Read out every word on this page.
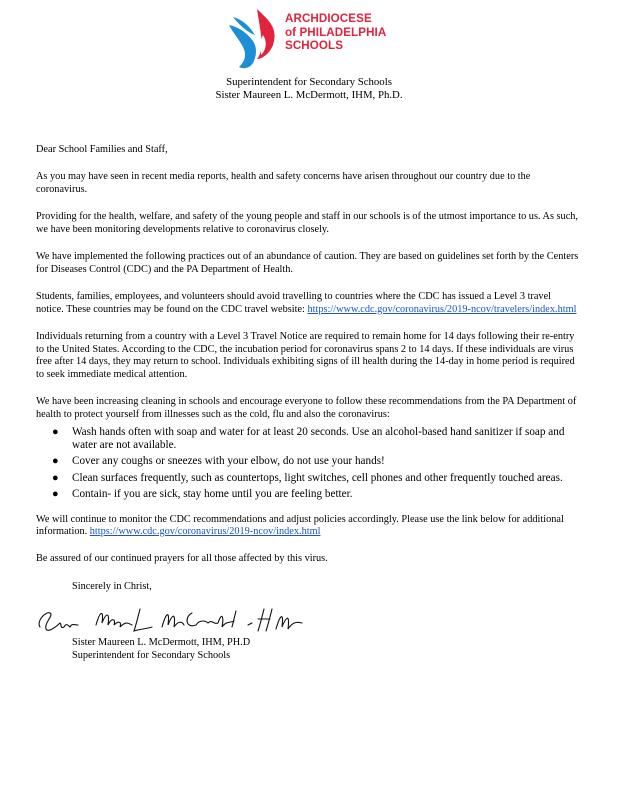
ARCHDIOCESE
of PHILADELPHIA
SCHOOLS
Superintendent for Secondary Schools
Sister Maureen L. McDermott, IHM, Ph.D.

Dear School Families and Staff,

As you may have seen in recent media reports, health and safety concerns have arisen throughout our country due to the coronavirus.

Providing for the health, welfare, and safety of the young people and staff in our schools is of the utmost importance to us. As such, we have been monitoring developments relative to coronavirus closely.

We have implemented the following practices out of an abundance of caution. They are based on guidelines set forth by the Centers for Diseases Control (CDC) and the PA Department of Health.

Students, families, employees, and volunteers should avoid travelling to countries where the CDC has issued a Level 3 travel notice. These countries may be found on the CDC travel website: https://www.cdc.gov/coronavirus/2019-ncov/travelers/index.html

Individuals returning from a country with a Level 3 Travel Notice are required to remain home for 14 days following their re-entry to the United States. According to the CDC, the incubation period for coronavirus spans 2 to 14 days. If these individuals are virus free after 14 days, they may return to school. Individuals exhibiting signs of ill health during the 14-day in home period is required to seek immediate medical attention.

We have been increasing cleaning in schools and encourage everyone to follow these recommendations from the PA Department of health to protect yourself from illnesses such as the cold, flu and also the coronavirus:

● Wash hands often with soap and water for at least 20 seconds. Use an alcohol-based hand sanitizer if soap and water are not available.
● Cover any coughs or sneezes with your elbow, do not use your hands!
● Clean surfaces frequently, such as countertops, light switches, cell phones and other frequently touched areas.
● Contain- if you are sick, stay home until you are feeling better.

We will continue to monitor the CDC recommendations and adjust policies accordingly. Please use the link below for additional information. https://www.cdc.gov/coronavirus/2019-ncov/index.html

Be assured of our continued prayers for all those affected by this virus.

Sincerely in Christ,

Sister Maureen L. McDermott, IHM, PH.D
Superintendent for Secondary Schools
